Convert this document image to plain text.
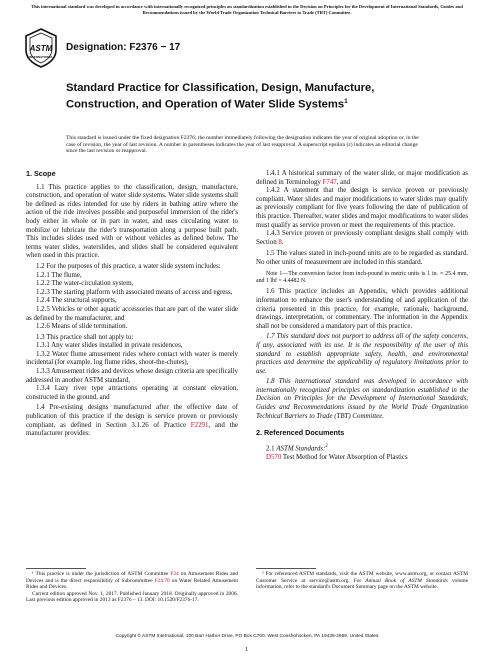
This international standard was developed in accordance with internationally recognized principles on standardization established in the Decision on Principles for the Development of International Standards, Guides and Recommendations issued by the World Trade Organization Technical Barriers to Trade (TBT) Committee.
ASTM
INTERNATIONAL
Designation: F2376 − 17
Standard Practice for Classification, Design, Manufacture, Construction, and Operation of Water Slide Systems$^1$
This standard is issued under the fixed designation F2376; the number immediately following the designation indicates the year of original adoption or, in the case of revision, the year of last revision. A number in parentheses indicates the year of last reapproval. A superscript epsilon (ε) indicates an editorial change since the last revision or reapproval.
1. Scope

1.1 This practice applies to the classification, design, manufacture, construction, and operation of water slide systems. Water slide systems shall be defined as rides intended for use by riders in bathing attire where the action of the ride involves possible and purposeful immersion of the rider's body either in whole or in part in water, and uses circulating water to mobilize or lubricate the rider's transportation along a purpose built path. This includes slides used with or without vehicles as defined below. The terms water slides, waterslides, and slides shall be considered equivalent when used in this practice.

1.2 For the purposes of this practice, a water slide system includes:

1.2.1 The flume,

1.2.2 The water-circulation system,

1.2.3 The starting platform with associated means of access and egress,

1.2.4 The structural supports,

1.2.5 Vehicles or other aquatic accessories that are part of the water slide as defined by the manufacturer, and

1.2.6 Means of slide termination.

1.3 This practice shall not apply to:

1.3.1 Any water slides installed in private residences,

1.3.2 Water flume amusement rides where contact with water is merely incidental (for example, log flume rides, shoot-the-chutes),

1.3.3 Amusement rides and devices whose design criteria are specifically addressed in another ASTM standard,

1.3.4 Lazy river type attractions operating at constant elevation, constructed in the ground, and

1.4 Pre-existing designs manufactured after the effective date of publication of this practice if the design is service proven or previously compliant, as defined in Section 3.1.26 of Practice F2291, and the manufacturer provides:

¹ This practice is under the jurisdiction of ASTM Committee F24 on Amusement Rides and Devices and is the direct responsibility of Subcommittee F24.70 on Water Related Amusement Rides and Devices.

Current edition approved Nov. 1, 2017. Published January 2018. Originally approved in 2006. Last previous edition approved in 2013 as F2376 – 13. DOI: 10.1520/F2376-17.

1.4.1 A historical summary of the water slide, or major modification as defined in Terminology F747, and

1.4.2 A statement that the design is service proven or previously compliant. Water slides and major modifications to water slides may qualify as previously compliant for five years following the date of publication of this practice. Thereafter, water slides and major modifications to water slides must qualify as service proven or meet the requirements of this practice.

1.4.3 Service proven or previously compliant designs shall comply with Section 8.

1.5 The values stated in inch-pound units are to be regarded as standard. No other units of measurement are included in this standard.

Note 1—The conversion factor from inch-pound to metric units is 1 in. = 25.4 mm, and 1 lbf = 4.4482 N.

1.6 This practice includes an Appendix, which provides additional information to enhance the user's understanding of and application of the criteria presented in this practice, for example, rationale, background, drawings, interpretation, or commentary. The information in the Appendix shall not be considered a mandatory part of this practice.

1.7 This standard does not purport to address all of the safety concerns, if any, associated with its use. It is the responsibility of the user of this standard to establish appropriate safety, health, and environmental practices and determine the applicability of regulatory limitations prior to use.

1.8 This international standard was developed in accordance with internationally recognized principles on standardization established in the Decision on Principles for the Development of International Standards, Guides and Recommendations issued by the World Trade Organization Technical Barriers to Trade (TBT) Committee.

2. Referenced Documents

2.1 ASTM Standards:$^2$

D570 Test Method for Water Absorption of Plastics

² For referenced ASTM standards, visit the ASTM website, www.astm.org, or contact ASTM Customer Service at service@astm.org. For Annual Book of ASTM Standards volume information, refer to the standard's Document Summary page on the ASTM website.

Copyright © ASTM International, 100 Barr Harbor Drive, PO Box C700, West Conshohocken, PA 19428-2959. United States
1
